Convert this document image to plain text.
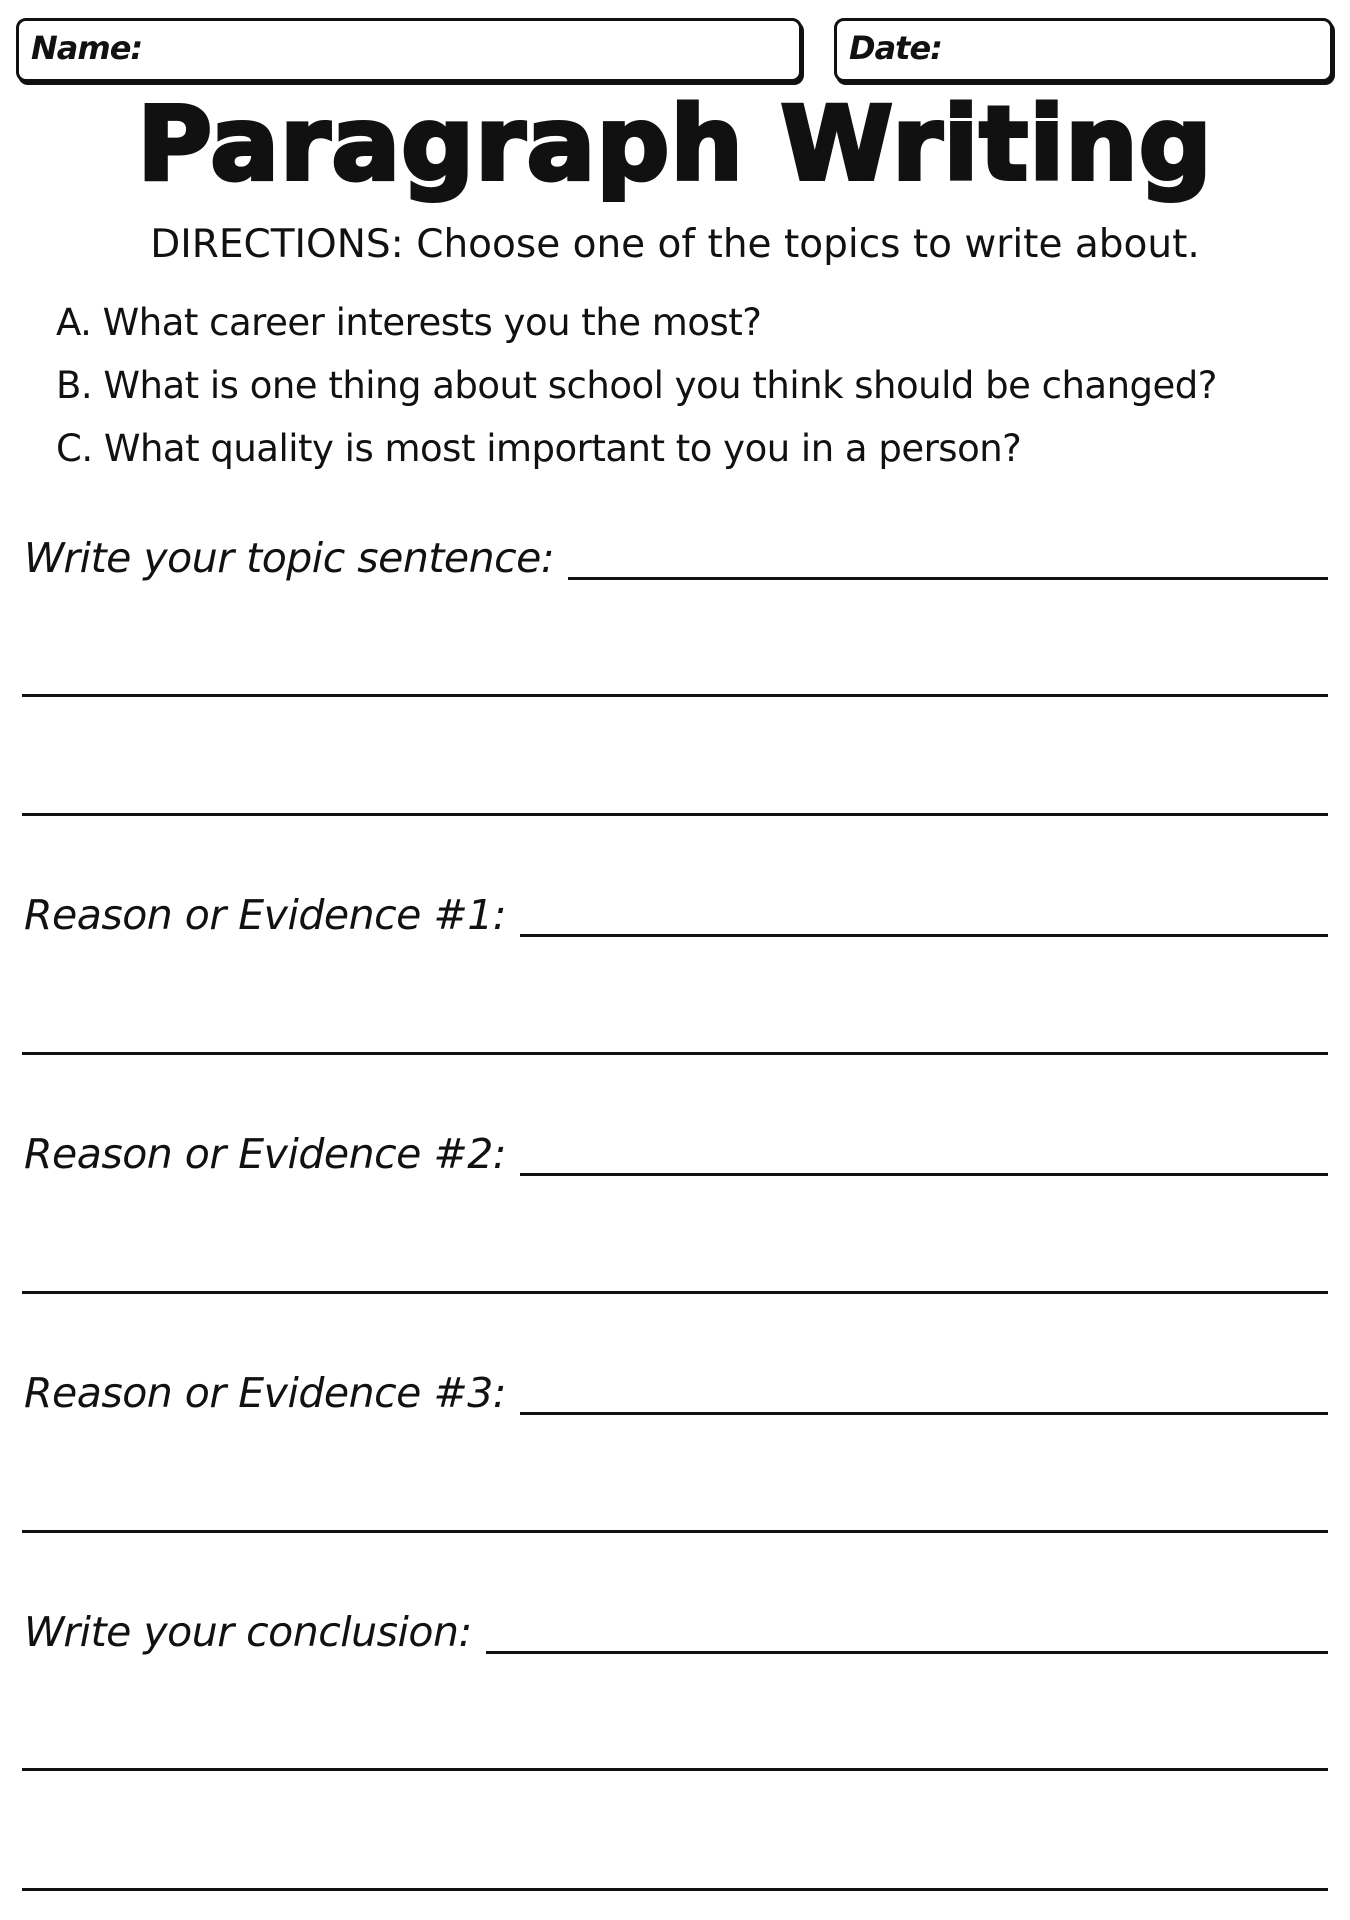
Name:	Date:
Paragraph Writing
DIRECTIONS: Choose one of the topics to write about.
A. What career interests you the most?
B. What is one thing about school you think should be changed?
C. What quality is most important to you in a person?
Write your topic sentence:
Reason or Evidence #1:
Reason or Evidence #2:
Reason or Evidence #3:
Write your conclusion:
